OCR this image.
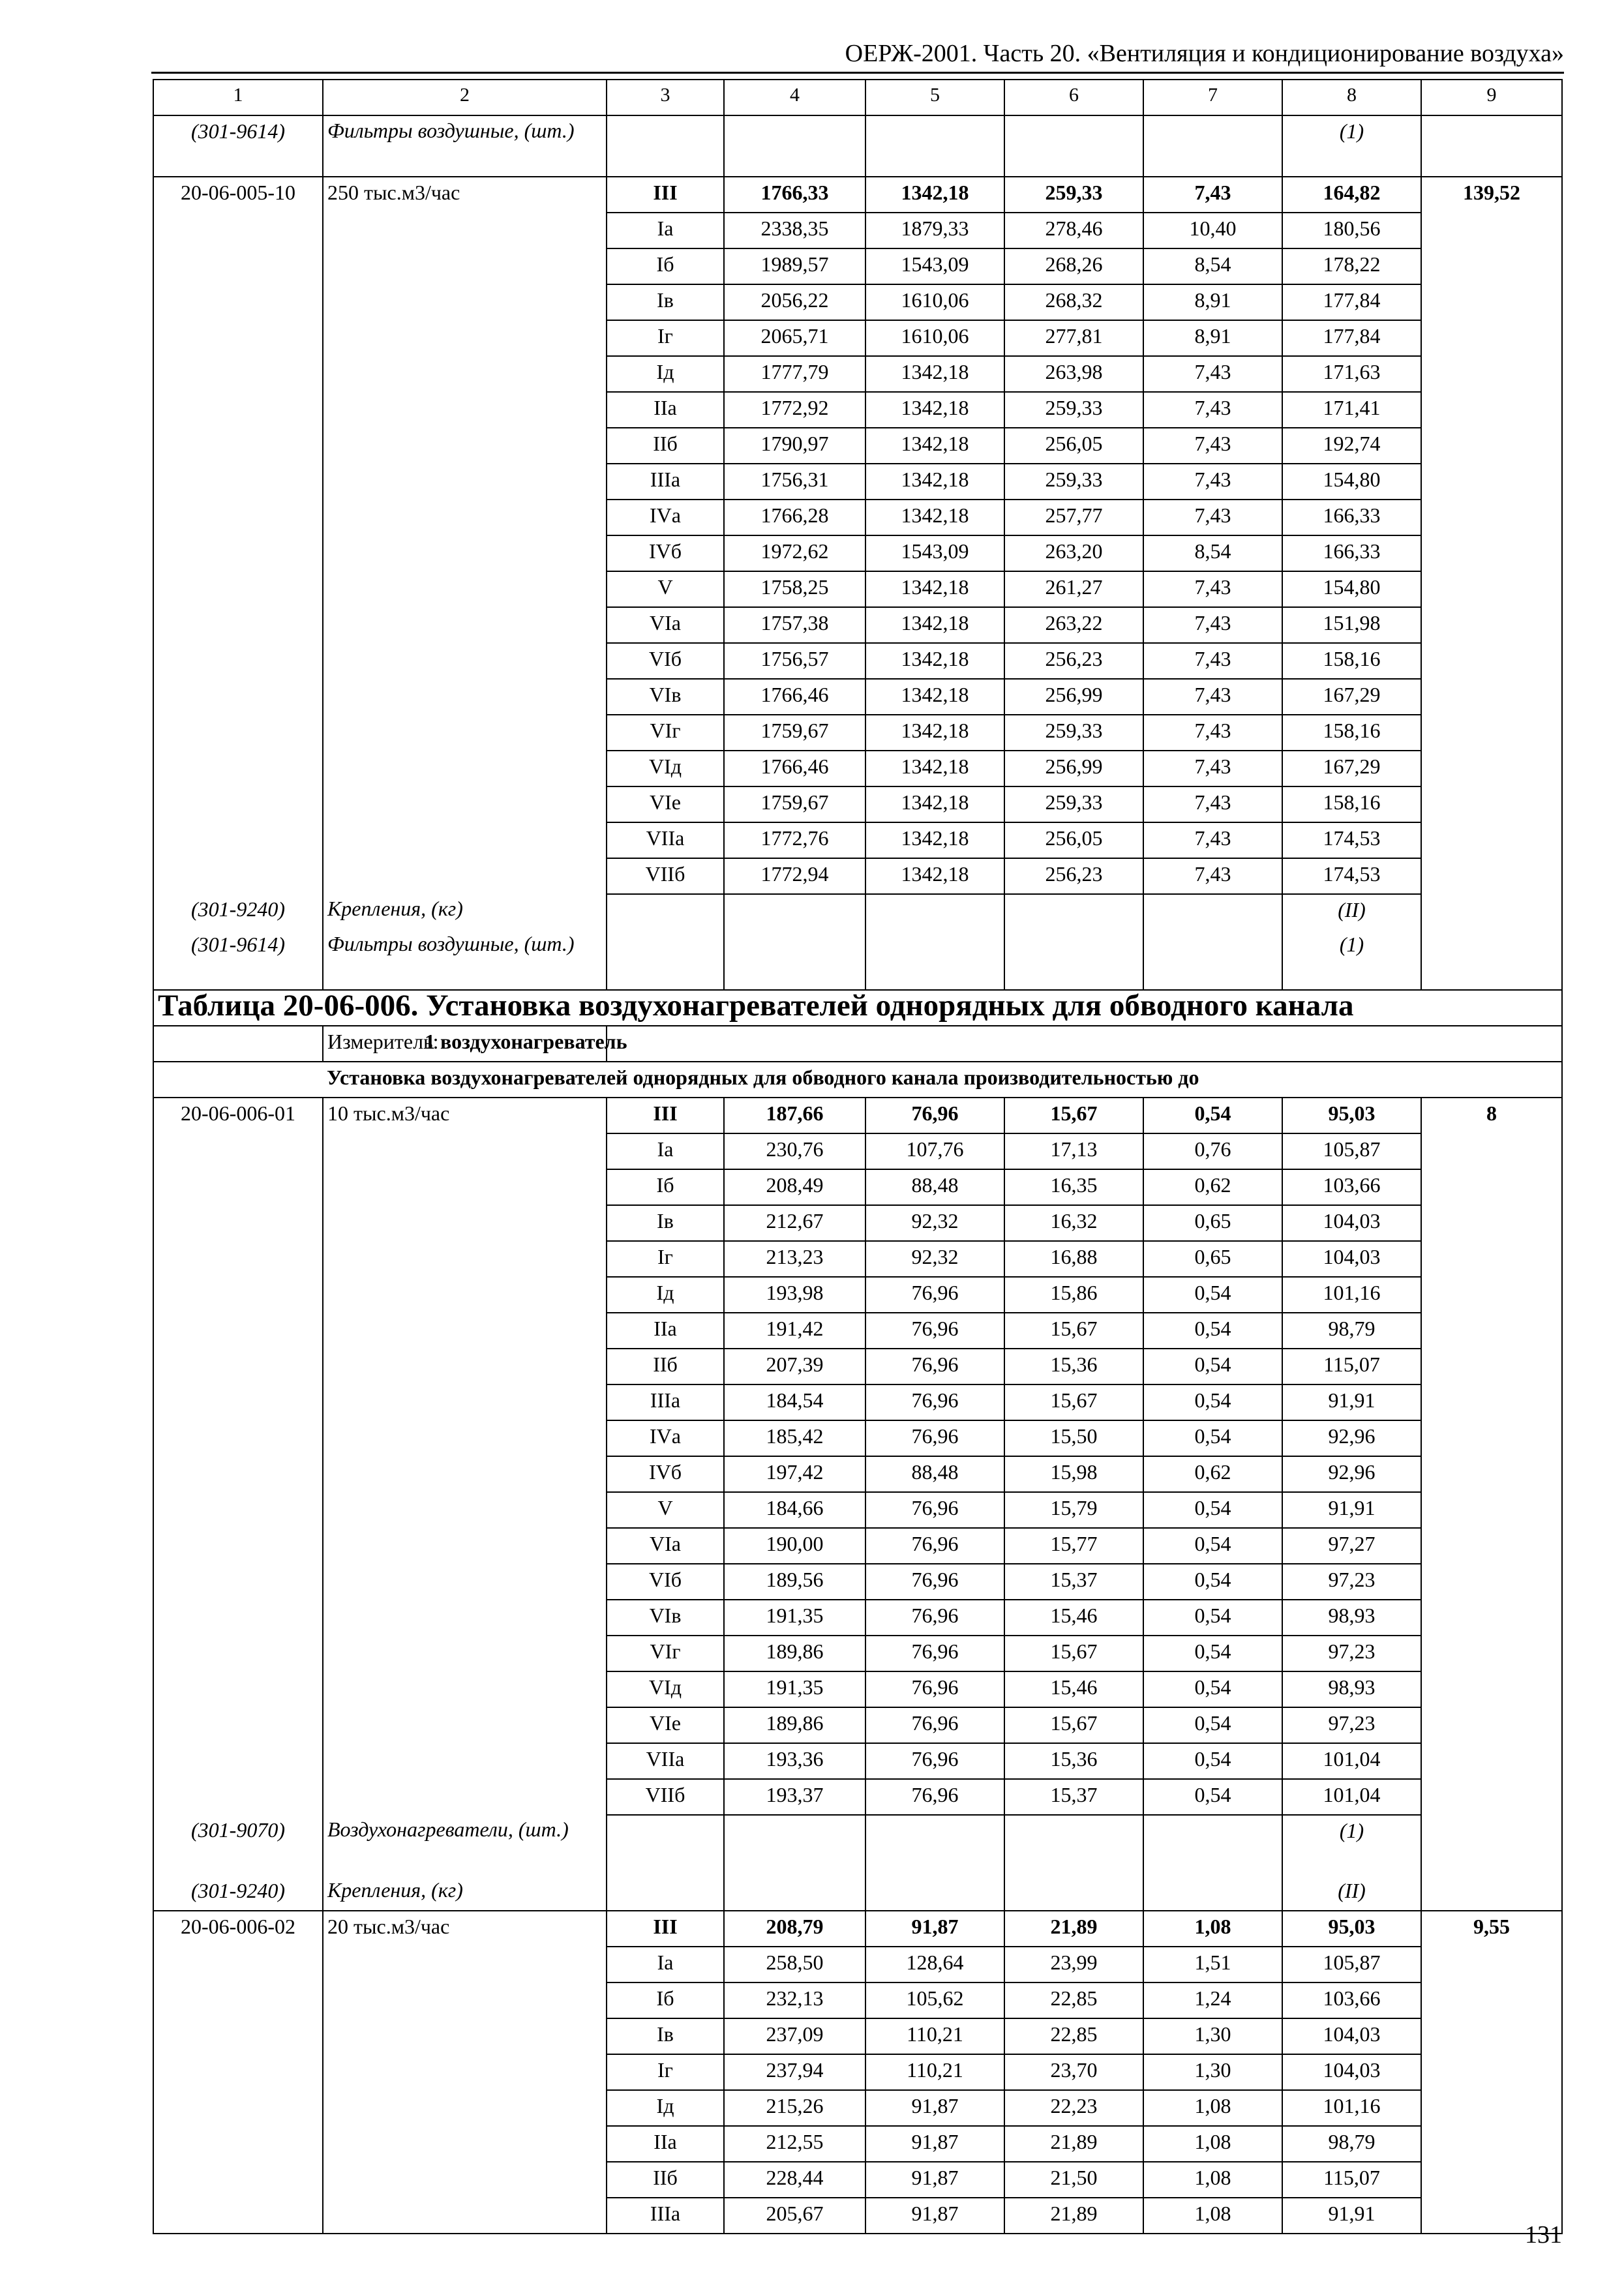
ОЕРЖ-2001. Часть 20. «Вентиляция и кондиционирование воздуха»
1	2	3	4	5	6	7	8	9
(301-9614)	Фильтры воздушные, (шт.)						(1)	
20-06-005-10	250 тыс.м3/час	III	1766,33	1342,18	259,33	7,43	164,82	139,52
		Iа	2338,35	1879,33	278,46	10,40	180,56	
		Iб	1989,57	1543,09	268,26	8,54	178,22	
		Iв	2056,22	1610,06	268,32	8,91	177,84	
		Iг	2065,71	1610,06	277,81	8,91	177,84	
		Iд	1777,79	1342,18	263,98	7,43	171,63	
		IIа	1772,92	1342,18	259,33	7,43	171,41	
		IIб	1790,97	1342,18	256,05	7,43	192,74	
		IIIа	1756,31	1342,18	259,33	7,43	154,80	
		IVа	1766,28	1342,18	257,77	7,43	166,33	
		IVб	1972,62	1543,09	263,20	8,54	166,33	
		V	1758,25	1342,18	261,27	7,43	154,80	
		VIа	1757,38	1342,18	263,22	7,43	151,98	
		VIб	1756,57	1342,18	256,23	7,43	158,16	
		VIв	1766,46	1342,18	256,99	7,43	167,29	
		VIг	1759,67	1342,18	259,33	7,43	158,16	
		VIд	1766,46	1342,18	256,99	7,43	167,29	
		VIе	1759,67	1342,18	259,33	7,43	158,16	
		VIIа	1772,76	1342,18	256,05	7,43	174,53	
		VIIб	1772,94	1342,18	256,23	7,43	174,53	
(301-9240)	Крепления, (кг)						(II)	
(301-9614)	Фильтры воздушные, (шт.)						(1)	
Таблица 20-06-006. Установка воздухонагревателей однорядных для обводного канала
	Измеритель:	1 воздухонагреватель
	Установка воздухонагревателей однорядных для обводного канала производительностью до
20-06-006-01	10 тыс.м3/час	III	187,66	76,96	15,67	0,54	95,03	8
		Iа	230,76	107,76	17,13	0,76	105,87	
		Iб	208,49	88,48	16,35	0,62	103,66	
		Iв	212,67	92,32	16,32	0,65	104,03	
		Iг	213,23	92,32	16,88	0,65	104,03	
		Iд	193,98	76,96	15,86	0,54	101,16	
		IIа	191,42	76,96	15,67	0,54	98,79	
		IIб	207,39	76,96	15,36	0,54	115,07	
		IIIа	184,54	76,96	15,67	0,54	91,91	
		IVа	185,42	76,96	15,50	0,54	92,96	
		IVб	197,42	88,48	15,98	0,62	92,96	
		V	184,66	76,96	15,79	0,54	91,91	
		VIа	190,00	76,96	15,77	0,54	97,27	
		VIб	189,56	76,96	15,37	0,54	97,23	
		VIв	191,35	76,96	15,46	0,54	98,93	
		VIг	189,86	76,96	15,67	0,54	97,23	
		VIд	191,35	76,96	15,46	0,54	98,93	
		VIе	189,86	76,96	15,67	0,54	97,23	
		VIIа	193,36	76,96	15,36	0,54	101,04	
		VIIб	193,37	76,96	15,37	0,54	101,04	
(301-9070)	Воздухонагреватели, (шт.)						(1)	
(301-9240)	Крепления, (кг)						(II)	
20-06-006-02	20 тыс.м3/час	III	208,79	91,87	21,89	1,08	95,03	9,55
		Iа	258,50	128,64	23,99	1,51	105,87	
		Iб	232,13	105,62	22,85	1,24	103,66	
		Iв	237,09	110,21	22,85	1,30	104,03	
		Iг	237,94	110,21	23,70	1,30	104,03	
		Iд	215,26	91,87	22,23	1,08	101,16	
		IIа	212,55	91,87	21,89	1,08	98,79	
		IIб	228,44	91,87	21,50	1,08	115,07	
		IIIа	205,67	91,87	21,89	1,08	91,91	
131
